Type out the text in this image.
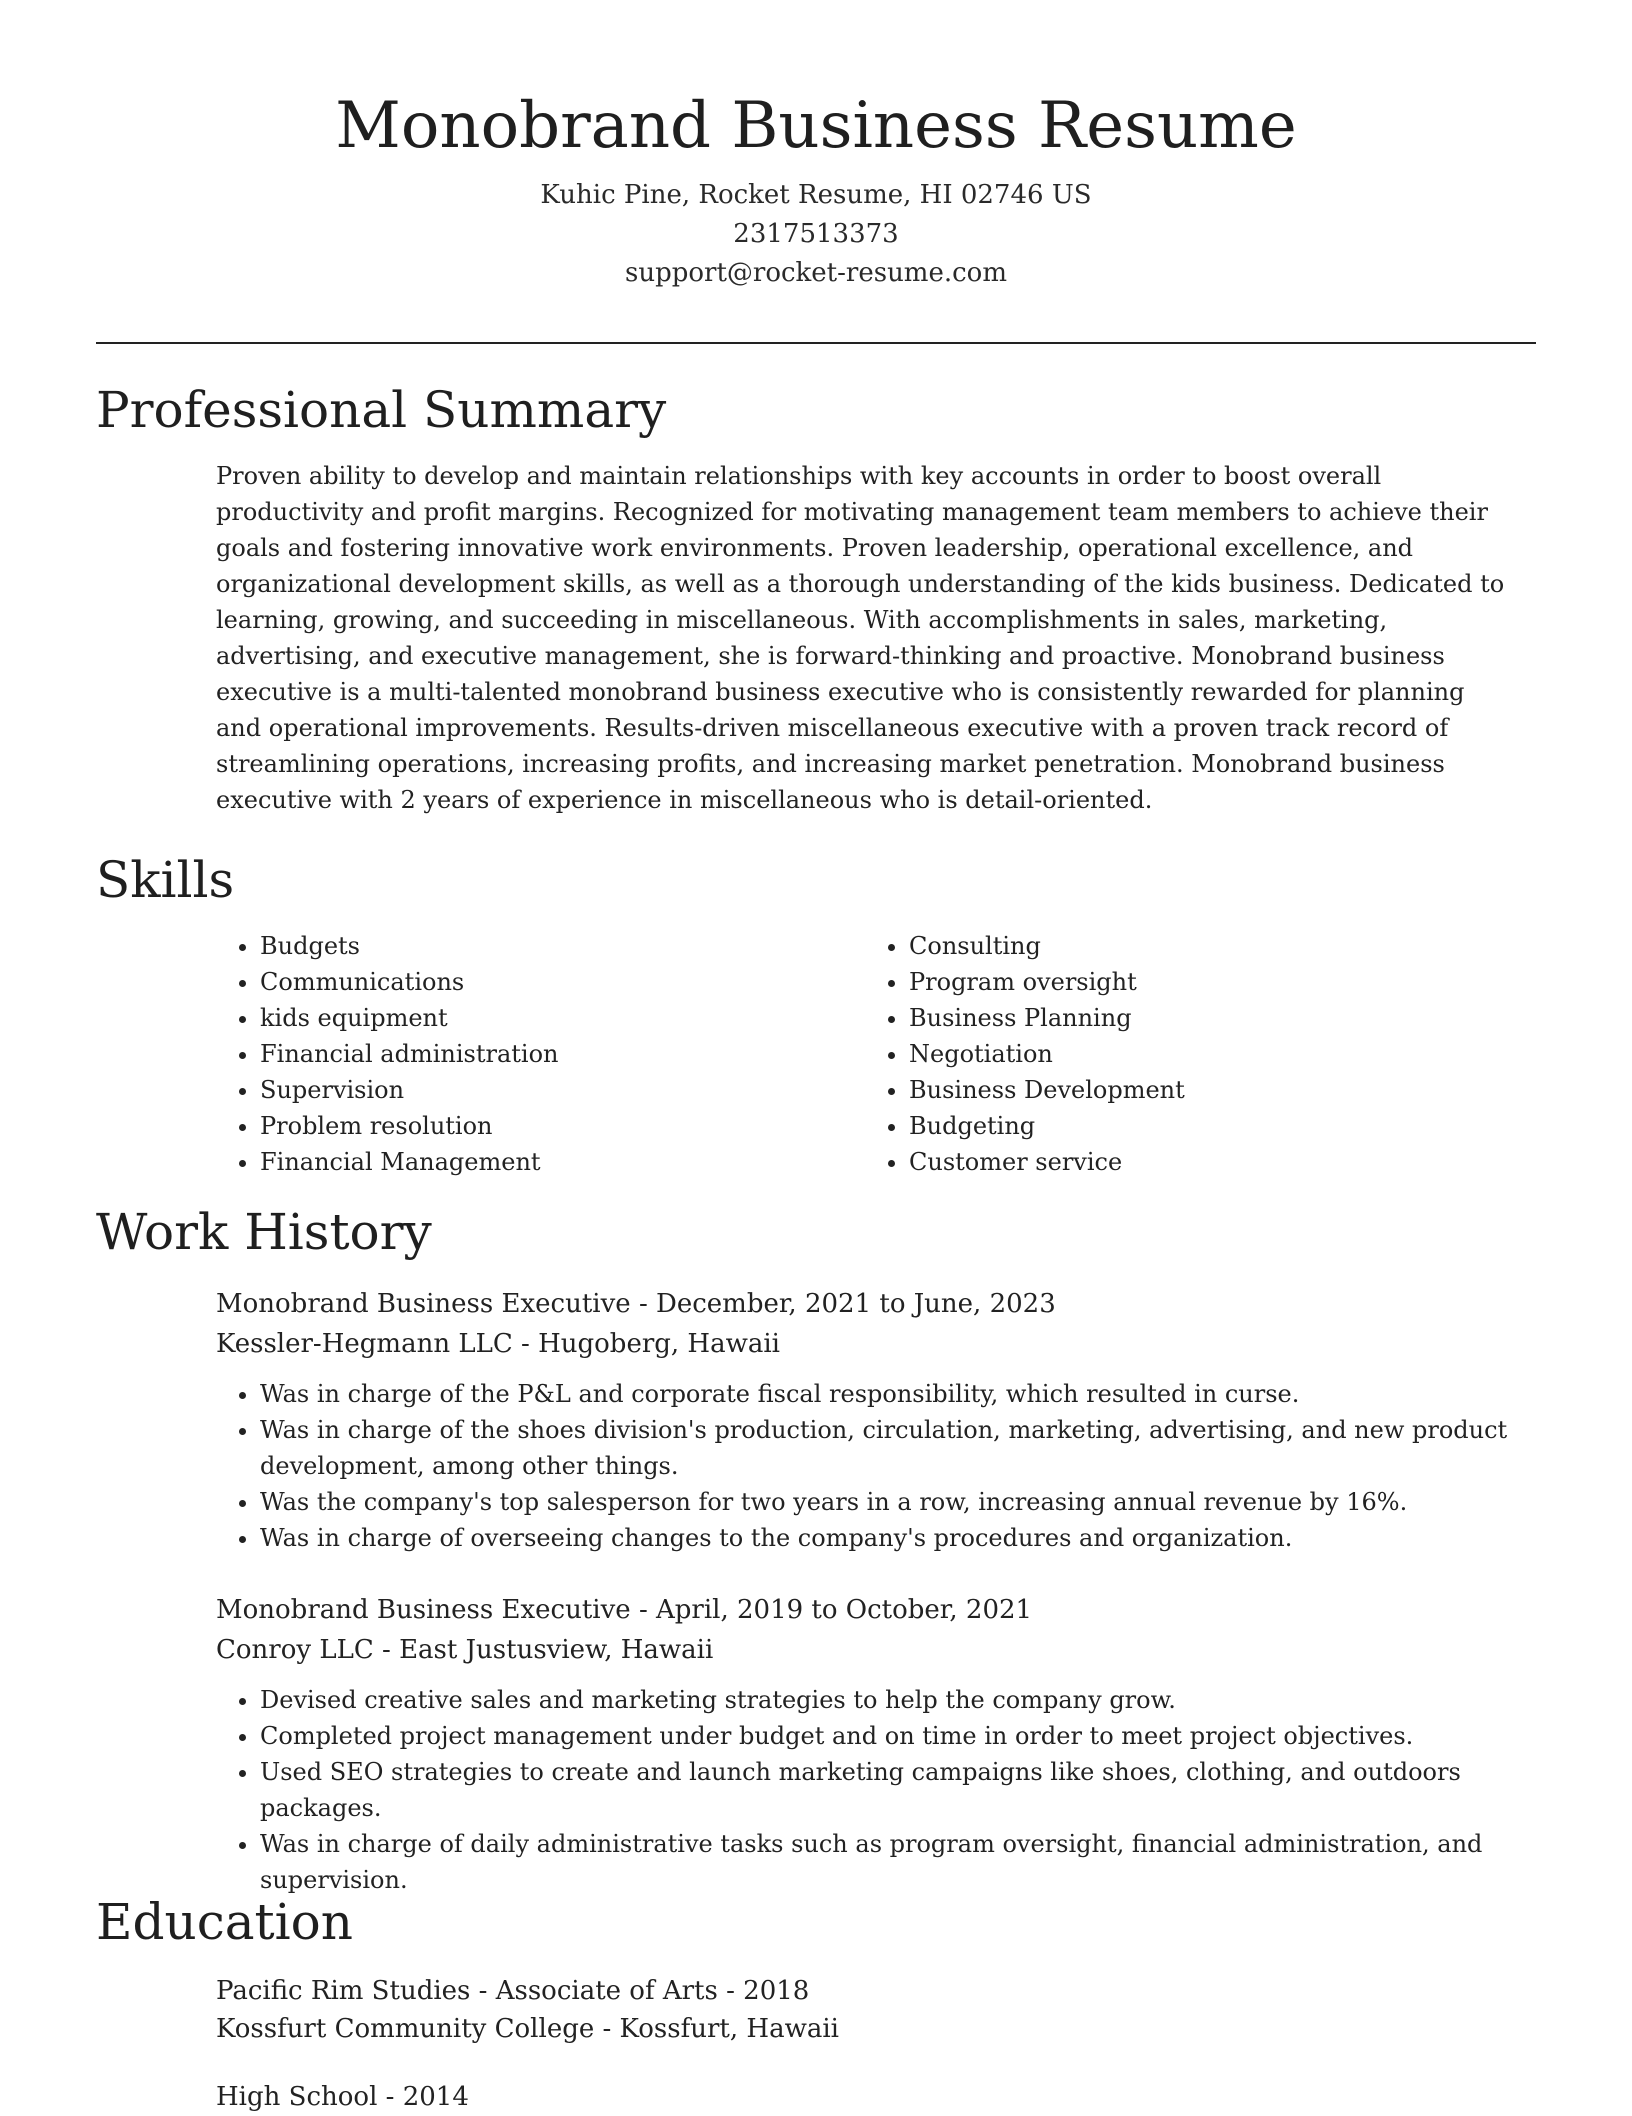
Monobrand Business Resume
Kuhic Pine, Rocket Resume, HI 02746 US
2317513373
support@rocket-resume.com
Professional Summary

Proven ability to develop and maintain relationships with key accounts in order to boost overall productivity and profit margins. Recognized for motivating management team members to achieve their goals and fostering innovative work environments. Proven leadership, operational excellence, and organizational development skills, as well as a thorough understanding of the kids business. Dedicated to learning, growing, and succeeding in miscellaneous. With accomplishments in sales, marketing, advertising, and executive management, she is forward-thinking and proactive. Monobrand business executive is a multi-talented monobrand business executive who is consistently rewarded for planning and operational improvements. Results-driven miscellaneous executive with a proven track record of streamlining operations, increasing profits, and increasing market penetration. Monobrand business executive with 2 years of experience in miscellaneous who is detail-oriented.

Skills
• Budgets
• Communications
• kids equipment
• Financial administration
• Supervision
• Problem resolution
• Financial Management
• Consulting
• Program oversight
• Business Planning
• Negotiation
• Business Development
• Budgeting
• Customer service
Work History
Monobrand Business Executive - December, 2021 to June, 2023
Kessler-Hegmann LLC - Hugoberg, Hawaii
• Was in charge of the P&L and corporate fiscal responsibility, which resulted in curse.
• Was in charge of the shoes division's production, circulation, marketing, advertising, and new product development, among other things.
• Was the company's top salesperson for two years in a row, increasing annual revenue by 16%.
• Was in charge of overseeing changes to the company's procedures and organization.
Monobrand Business Executive - April, 2019 to October, 2021
Conroy LLC - East Justusview, Hawaii
• Devised creative sales and marketing strategies to help the company grow.
• Completed project management under budget and on time in order to meet project objectives.
• Used SEO strategies to create and launch marketing campaigns like shoes, clothing, and outdoors packages.
• Was in charge of daily administrative tasks such as program oversight, financial administration, and supervision.
Education
Pacific Rim Studies - Associate of Arts - 2018
Kossfurt Community College - Kossfurt, Hawaii
High School - 2014
